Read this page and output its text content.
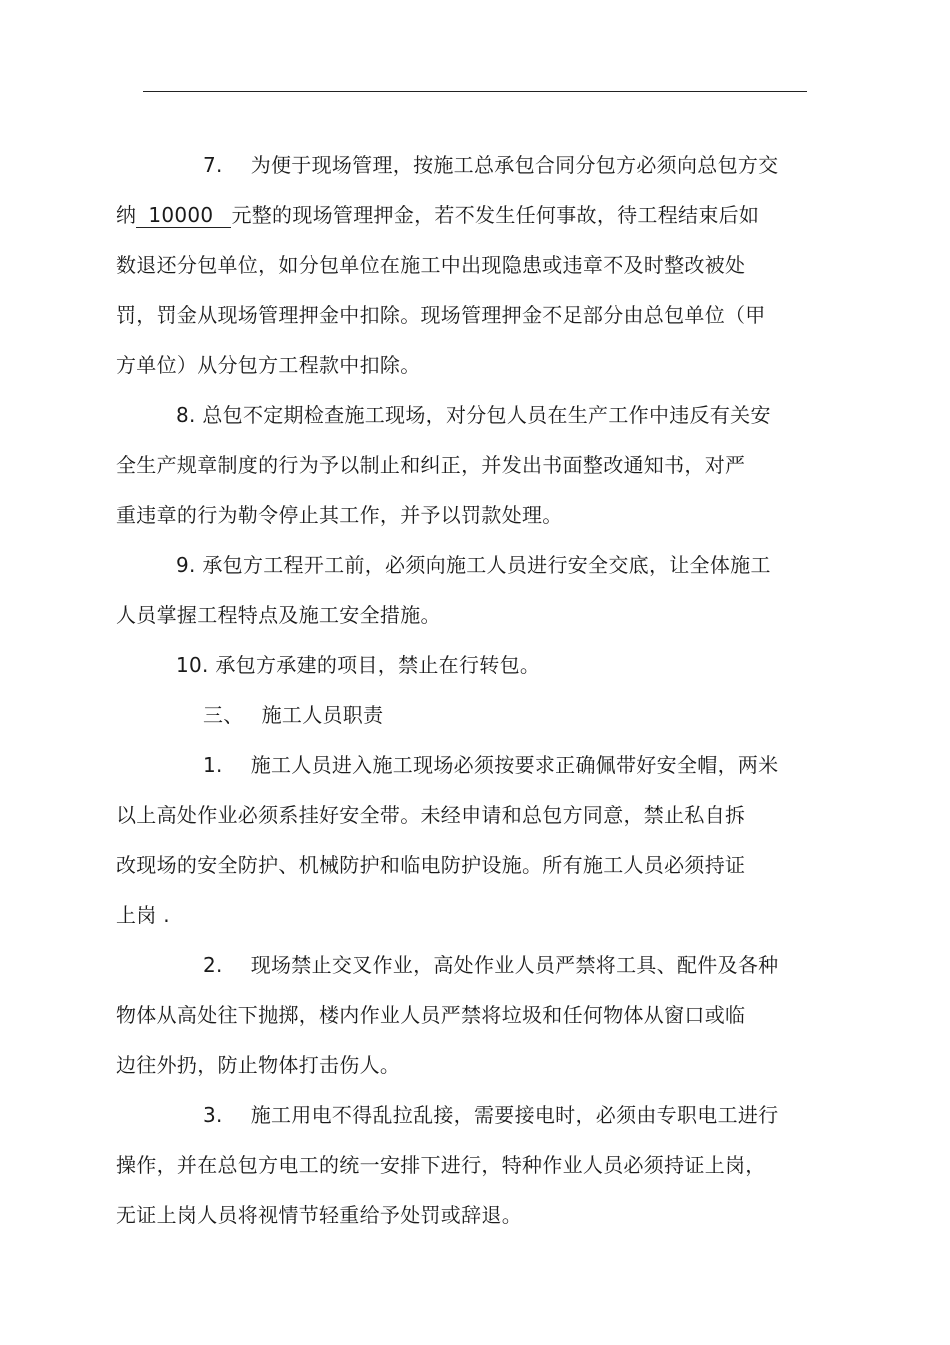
7. 为便于现场管理，按施工总承包合同分包方必须向总包方交
纳 10000 元整的现场管理押金，若不发生任何事故，待工程结束后如
数退还分包单位，如分包单位在施工中出现隐患或违章不及时整改被处
罚，罚金从现场管理押金中扣除。现场管理押金不足部分由总包单位（甲
方单位）从分包方工程款中扣除。
8. 总包不定期检查施工现场，对分包人员在生产工作中违反有关安
全生产规章制度的行为予以制止和纠正，并发出书面整改通知书，对严
重违章的行为勒令停止其工作，并予以罚款处理。
9. 承包方工程开工前，必须向施工人员进行安全交底，让全体施工
人员掌握工程特点及施工安全措施。
10. 承包方承建的项目，禁止在行转包。
三、 施工人员职责
1. 施工人员进入施工现场必须按要求正确佩带好安全帽，两米
以上高处作业必须系挂好安全带。未经申请和总包方同意，禁止私自拆
改现场的安全防护、机械防护和临电防护设施。所有施工人员必须持证
上岗 .
2. 现场禁止交叉作业，高处作业人员严禁将工具、配件及各种
物体从高处往下抛掷，楼内作业人员严禁将垃圾和任何物体从窗口或临
边往外扔，防止物体打击伤人。
3. 施工用电不得乱拉乱接，需要接电时，必须由专职电工进行
操作，并在总包方电工的统一安排下进行，特种作业人员必须持证上岗，
无证上岗人员将视情节轻重给予处罚或辞退。
